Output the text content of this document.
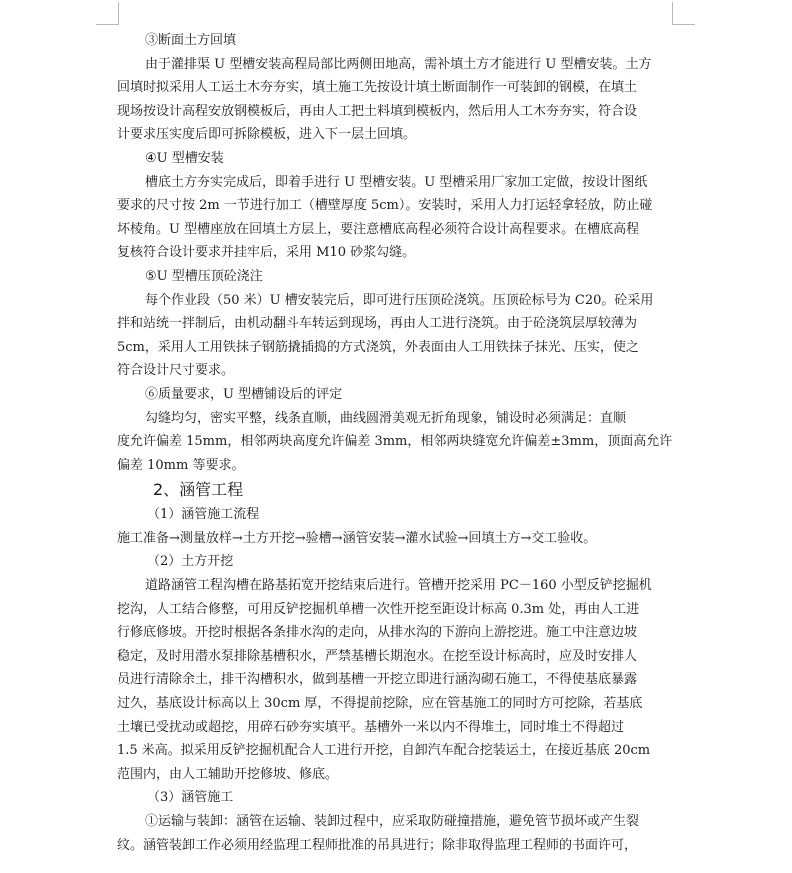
③断面土方回填
由于灌排渠 U 型槽安装高程局部比两侧田地高，需补填土方才能进行 U 型槽安装。土方
回填时拟采用人工运土木夯夯实，填土施工先按设计填土断面制作一可装卸的钢模，在填土
现场按设计高程安放钢模板后，再由人工把土料填到模板内，然后用人工木夯夯实，符合设
计要求压实度后即可拆除模板，进入下一层土回填。
④U 型槽安装
槽底土方夯实完成后，即着手进行 U 型槽安装。U 型槽采用厂家加工定做，按设计图纸
要求的尺寸按 2m 一节进行加工（槽壁厚度 5cm）。安装时，采用人力打运轻拿轻放，防止碰
坏棱角。U 型槽座放在回填土方层上，要注意槽底高程必须符合设计高程要求。在槽底高程
复核符合设计要求并挂牢后，采用 M10 砂浆勾缝。
⑤U 型槽压顶砼浇注
每个作业段（50 米）U 槽安装完后，即可进行压顶砼浇筑。压顶砼标号为 C20。砼采用
拌和站统一拌制后，由机动翻斗车转运到现场，再由人工进行浇筑。由于砼浇筑层厚较薄为
5cm，采用人工用铁抹子钢筋撬插捣的方式浇筑，外表面由人工用铁抹子抹光、压实，使之
符合设计尺寸要求。
⑥质量要求，U 型槽铺设后的评定
勾缝均匀，密实平整，线条直顺，曲线圆滑美观无折角现象，铺设时必须满足：直顺
度允许偏差 15mm，相邻两块高度允许偏差 3mm，相邻两块缝宽允许偏差±3mm，顶面高允许
偏差 10mm 等要求。
2、涵管工程
（1）涵管施工流程
施工准备→测量放样→土方开挖→验槽→涵管安装→灌水试验→回填土方→交工验收。
（2）土方开挖
道路涵管工程沟槽在路基拓宽开挖结束后进行。管槽开挖采用 PC－160 小型反铲挖掘机
挖沟，人工结合修整，可用反铲挖掘机单槽一次性开挖至距设计标高 0.3m 处，再由人工进
行修底修坡。开挖时根据各条排水沟的走向，从排水沟的下游向上游挖进。施工中注意边坡
稳定，及时用潜水泵排除基槽积水，严禁基槽长期泡水。在挖至设计标高时，应及时安排人
员进行清除余土，排干沟槽积水，做到基槽一开挖立即进行涵沟砌石施工，不得使基底暴露
过久，基底设计标高以上 30cm 厚，不得提前挖除，应在管基施工的同时方可挖除，若基底
土壤已受扰动或超挖，用碎石砂夯实填平。基槽外一米以内不得堆土，同时堆土不得超过
1.5 米高。拟采用反铲挖掘机配合人工进行开挖，自卸汽车配合挖装运土，在接近基底 20cm
范围内，由人工辅助开挖修坡、修底。
（3）涵管施工
①运输与装卸：涵管在运输、装卸过程中，应采取防碰撞措施，避免管节损坏或产生裂
纹。涵管装卸工作必须用经监理工程师批准的吊具进行；除非取得监理工程师的书面许可，
